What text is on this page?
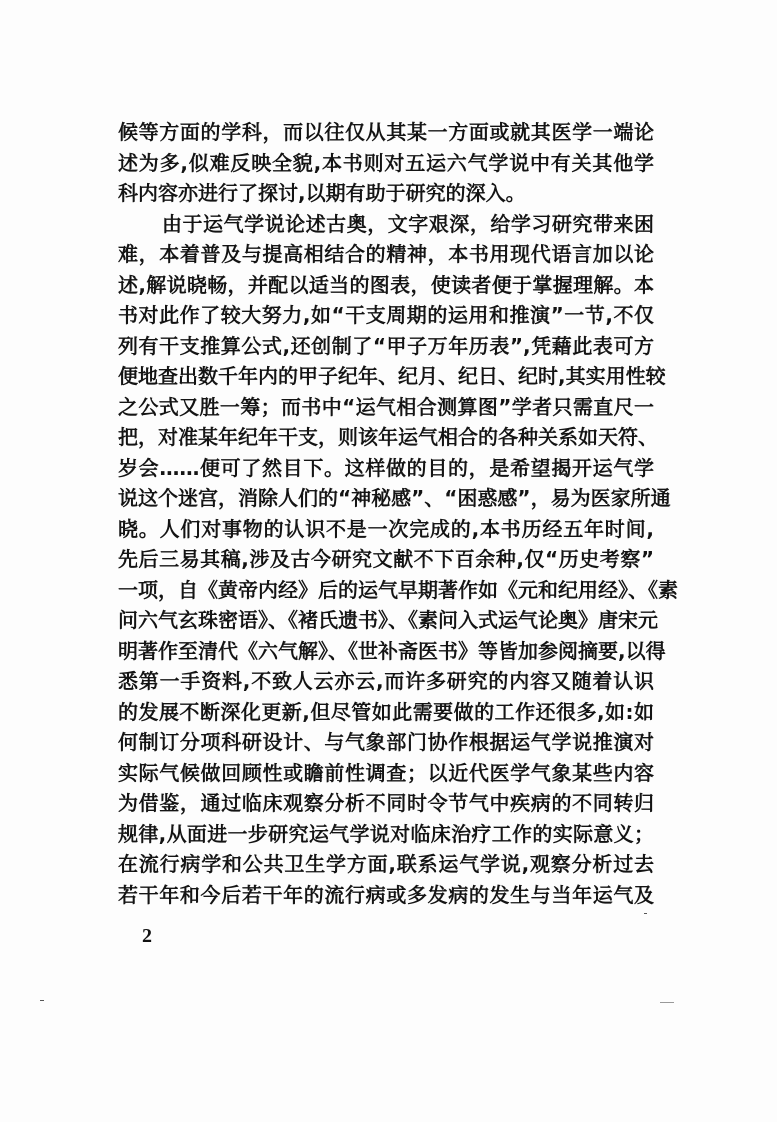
候等方面的学科，而以往仅从其某一方面或就其医学一端论
述为多,似难反映全貌,本书则对五运六气学说中有关其他学
科内容亦进行了探讨,以期有助于研究的深入。
由于运气学说论述古奥，文字艰深，给学习研究带来困
难，本着普及与提高相结合的精神，本书用现代语言加以论
述,解说晓畅，并配以适当的图表，使读者便于掌握理解。本
书对此作了较大努力,如“干支周期的运用和推演”一节,不仅
列有干支推算公式,还创制了“甲子万年历表”,凭藉此表可方
便地查出数千年内的甲子纪年、纪月、纪日、纪时,其实用性较
之公式又胜一筹；而书中“运气相合测算图”学者只需直尺一
把，对准某年纪年干支，则该年运气相合的各种关系如天符、
岁会……便可了然目下。这样做的目的，是希望揭开运气学
说这个迷宫，消除人们的“神秘感”、“困惑感”，易为医家所通
晓。人们对事物的认识不是一次完成的,本书历经五年时间,
先后三易其稿,涉及古今研究文献不下百余种,仅“历史考察”
一项，自《黄帝内经》后的运气早期著作如《元和纪用经》、《素
问六气玄珠密语》、《褚氏遗书》、《素问入式运气论奥》唐宋元
明著作至清代《六气解》、《世补斋医书》等皆加参阅摘要,以得
悉第一手资料,不致人云亦云,而许多研究的内容又随着认识
的发展不断深化更新,但尽管如此需要做的工作还很多,如:如
何制订分项科研设计、与气象部门协作根据运气学说推演对
实际气候做回顾性或瞻前性调查；以近代医学气象某些内容
为借鉴，通过临床观察分析不同时令节气中疾病的不同转归
规律,从面进一步研究运气学说对临床治疗工作的实际意义；
在流行病学和公共卫生学方面,联系运气学说,观察分析过去
若干年和今后若干年的流行病或多发病的发生与当年运气及
2
